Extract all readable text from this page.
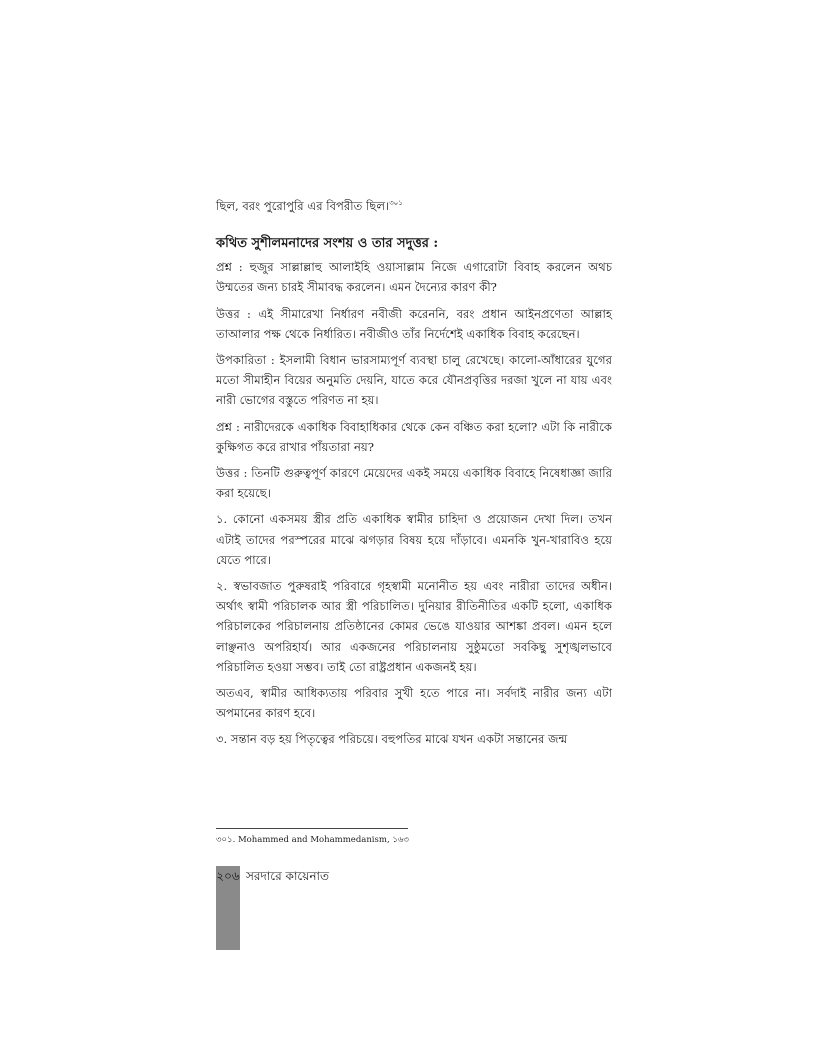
ছিল, বরং পুরোপুরি এর বিপরীত ছিল।$^{৩০১}$

কথিত সুশীলমনাদের সংশয় ও তার সদুত্তর :

প্রশ্ন : হুজুর সাল্লাল্লাহু আলাইহি ওয়াসাল্লাম নিজে এগারোটা বিবাহ করলেন অথচ উম্মতের জন্য চারই সীমাবদ্ধ করলেন। এমন দৈন্যের কারণ কী?

উত্তর : এই সীমারেখা নির্ধারণ নবীজী করেননি, বরং প্রধান আইনপ্রণেতা আল্লাহ তাআলার পক্ষ থেকে নির্ধারিত। নবীজীও তাঁর নির্দেশেই একাধিক বিবাহ করেছেন।

উপকারিতা : ইসলামী বিধান ভারসাম্যপূর্ণ ব্যবস্থা চালু রেখেছে। কালো-আঁধারের যুগের মতো সীমাহীন বিয়ের অনুমতি দেয়নি, যাতে করে যৌনপ্রবৃত্তির দরজা খুলে না যায় এবং নারী ভোগের বস্তুতে পরিণত না হয়।

প্রশ্ন : নারীদেরকে একাধিক বিবাহাধিকার থেকে কেন বঞ্চিত করা হলো? এটা কি নারীকে কুক্ষিগত করে রাখার পাঁয়তারা নয়?

উত্তর : তিনটি গুরুত্বপূর্ণ কারণে মেয়েদের একই সময়ে একাধিক বিবাহে নিষেধাজ্ঞা জারি করা হয়েছে।

১. কোনো একসময় স্ত্রীর প্রতি একাধিক স্বামীর চাহিদা ও প্রয়োজন দেখা দিল। তখন এটাই তাদের পরস্পরের মাঝে ঝগড়ার বিষয় হয়ে দাঁড়াবে। এমনকি খুন-খারাবিও হয়ে যেতে পারে।

২. স্বভাবজাত পুরুষরাই পরিবারে গৃহস্বামী মনোনীত হয় এবং নারীরা তাদের অধীন। অর্থাৎ স্বামী পরিচালক আর স্ত্রী পরিচালিত। দুনিয়ার রীতিনীতির একটি হলো, একাধিক পরিচালকের পরিচালনায় প্রতিষ্ঠানের কোমর ভেঙে যাওয়ার আশঙ্কা প্রবল। এমন হলে লাঞ্ছনাও অপরিহার্য। আর একজনের পরিচালনায় সুষ্ঠুমতো সবকিছু সুশৃঙ্খলভাবে পরিচালিত হওয়া সম্ভব। তাই তো রাষ্ট্রপ্রধান একজনই হয়।

অতএব, স্বামীর আধিক্যতায় পরিবার সুখী হতে পারে না। সর্বদাই নারীর জন্য এটা অপমানের কারণ হবে।

৩. সন্তান বড় হয় পিতৃত্বের পরিচয়ে। বহুপতির মাঝে যখন একটা সন্তানের জন্ম

৩০১. Mohammed and Mohammedanism, ১৬৩
২০৬ সরদারে কায়েনাত
